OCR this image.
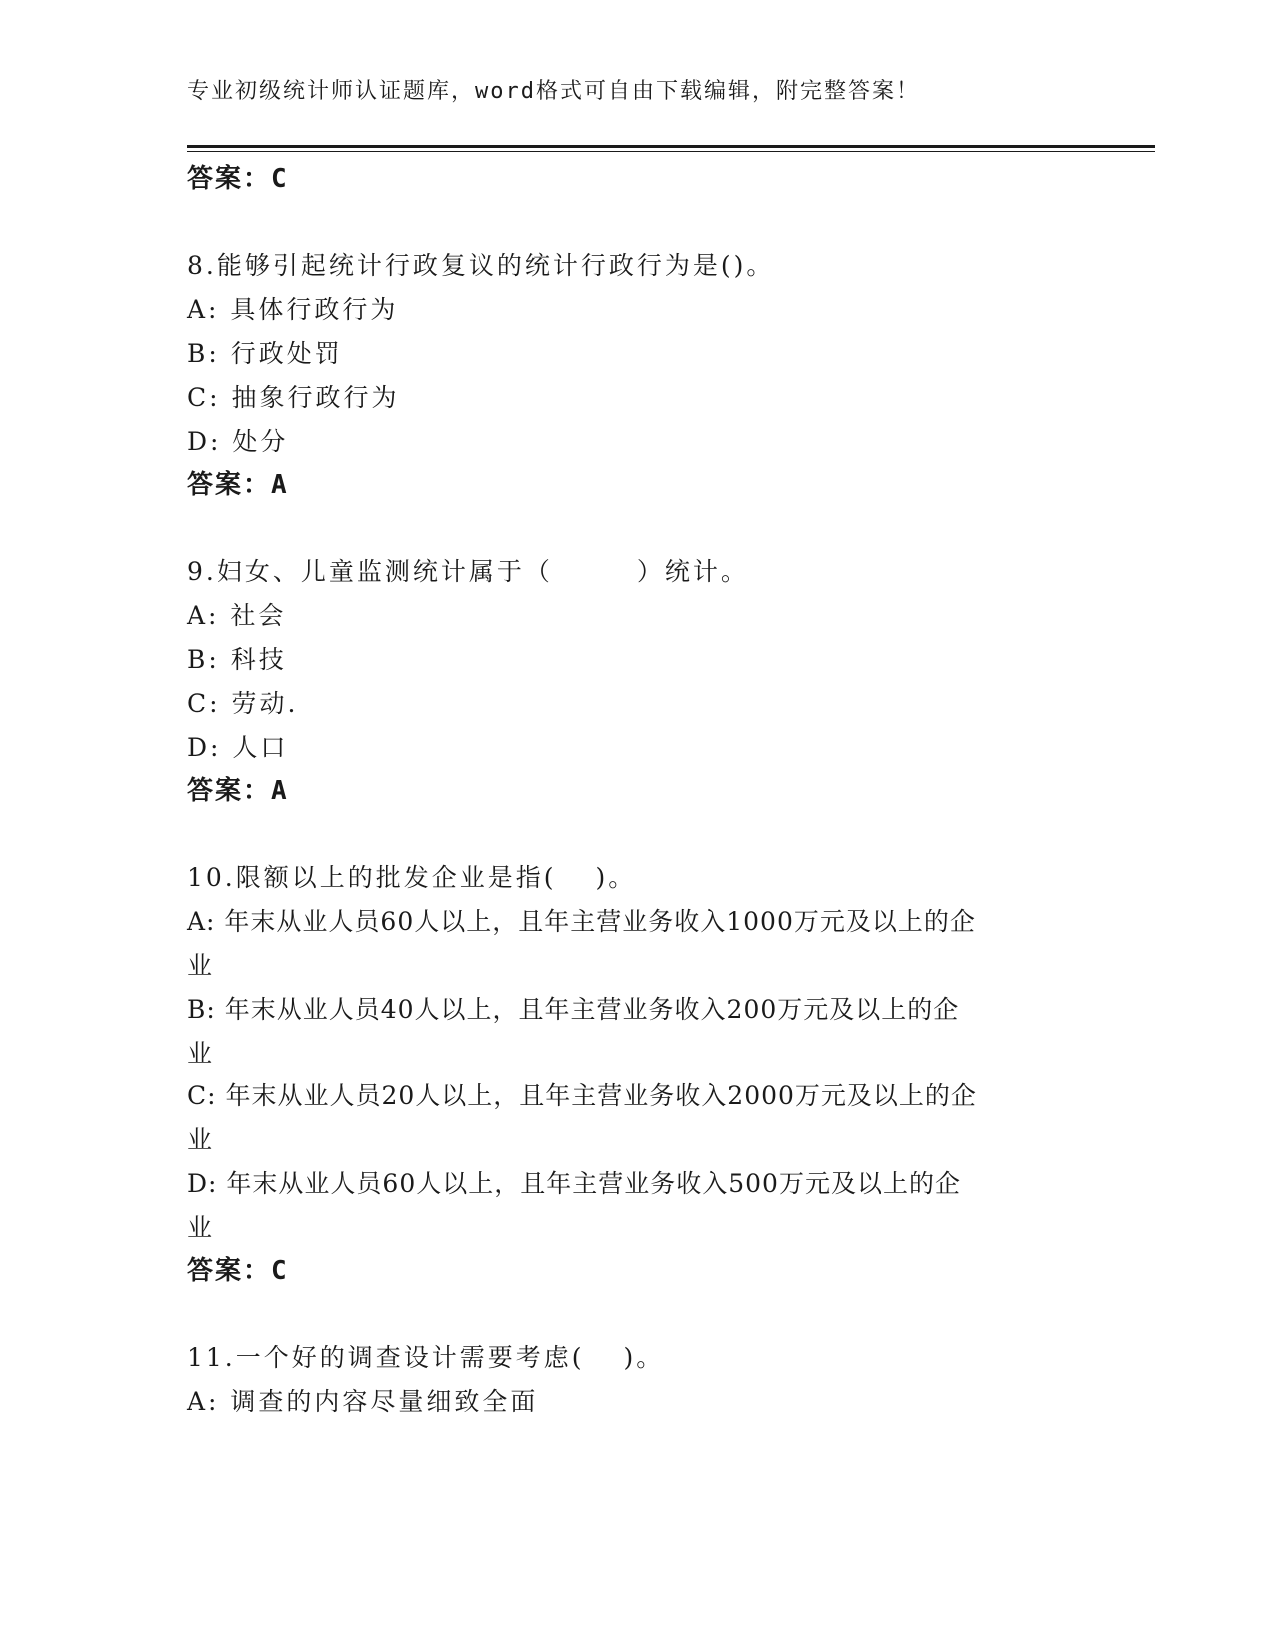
专业初级统计师认证题库，word格式可自由下载编辑，附完整答案！
答案：C
8.能够引起统计行政复议的统计行政行为是()。
A: 具体行政行为
B: 行政处罚
C: 抽象行政行为
D: 处分
答案：A
9.妇女、儿童监测统计属于（　　　）统计。
A: 社会
B: 科技
C: 劳动.
D: 人口
答案：A
10.限额以上的批发企业是指(　 )。
A: 年末从业人员60人以上，且年主营业务收入1000万元及以上的企
业
B: 年末从业人员40人以上，且年主营业务收入200万元及以上的企
业
C: 年末从业人员20人以上，且年主营业务收入2000万元及以上的企
业
D: 年末从业人员60人以上，且年主营业务收入500万元及以上的企
业
答案：C
11.一个好的调查设计需要考虑(　 )。
A: 调查的内容尽量细致全面
